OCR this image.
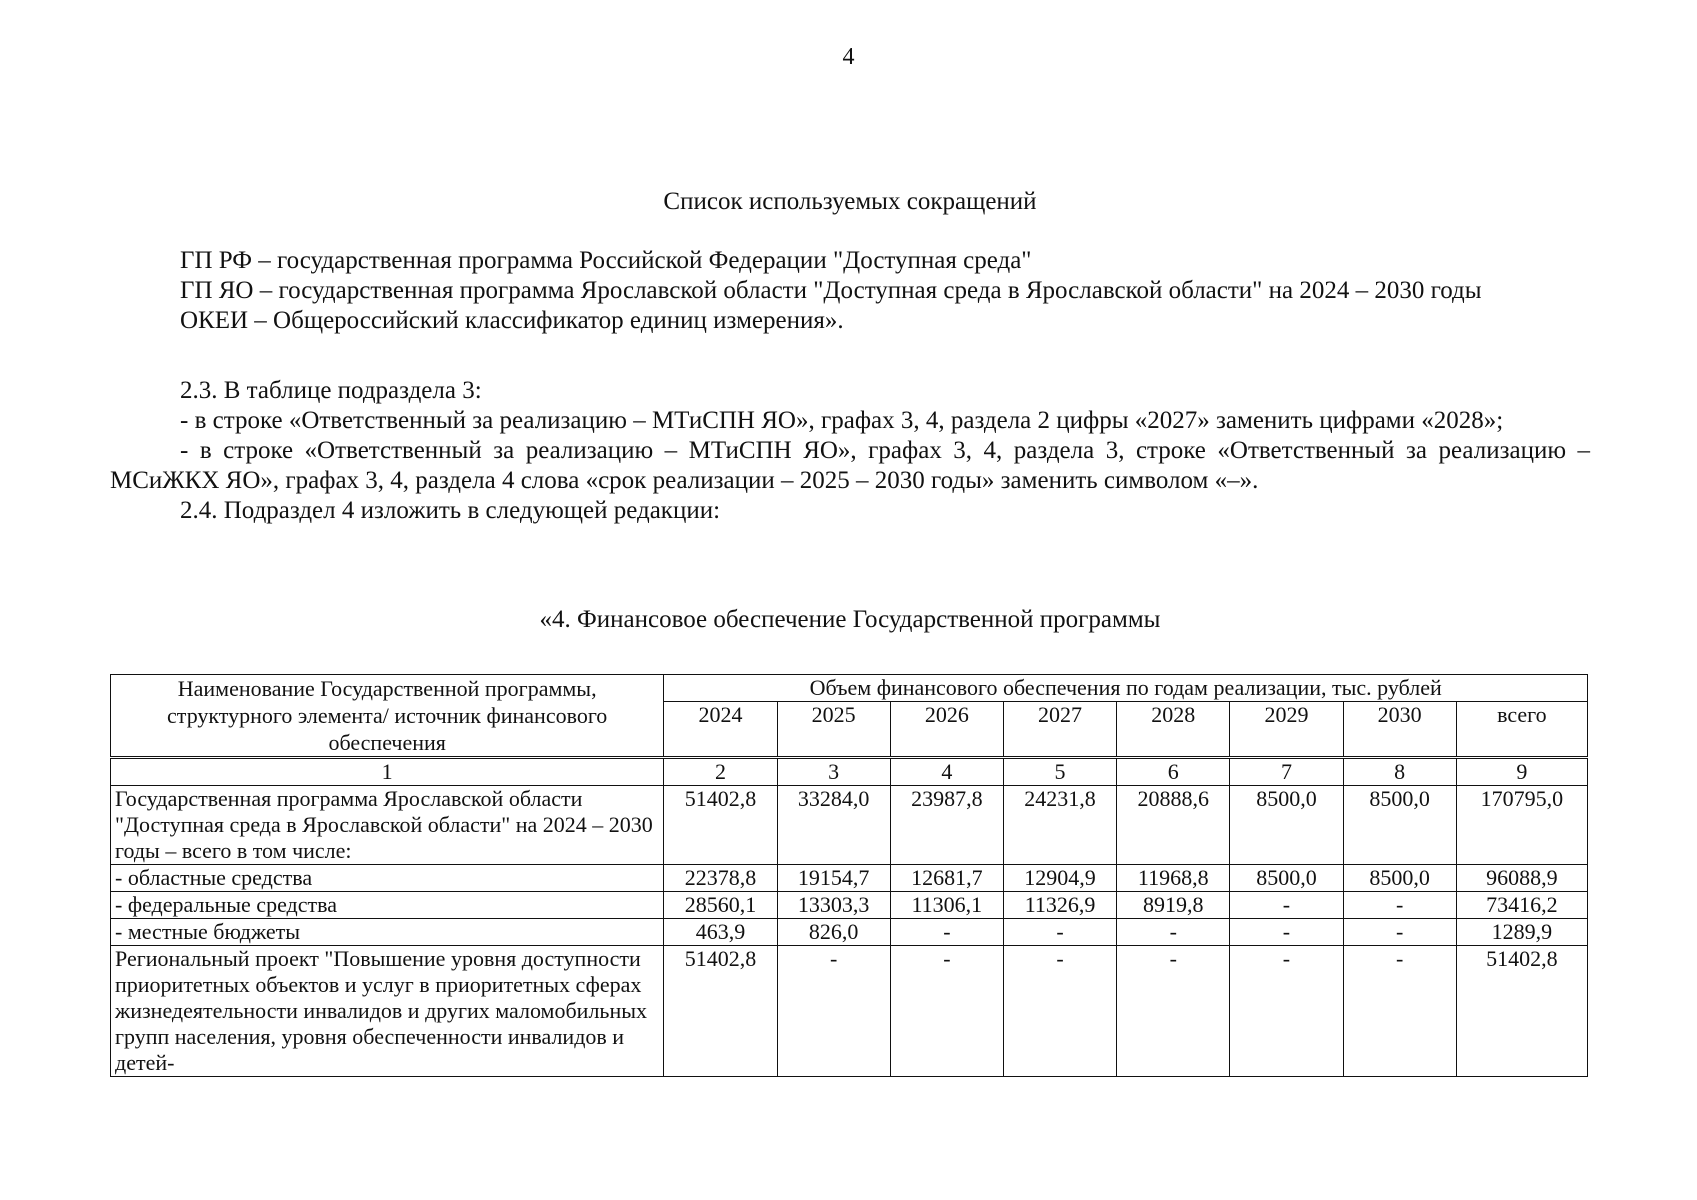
4
Список используемых сокращений

ГП РФ – государственная программа Российской Федерации "Доступная среда"

ГП ЯО – государственная программа Ярославской области "Доступная среда в Ярославской области" на 2024 – 2030 годы

ОКЕИ – Общероссийский классификатор единиц измерения».

2.3. В таблице подраздела 3:

- в строке «Ответственный за реализацию – МТиСПН ЯО», графах 3, 4, раздела 2 цифры «2027» заменить цифрами «2028»;

- в строке «Ответственный за реализацию – МТиСПН ЯО», графах 3, 4, раздела 3, строке «Ответственный за реализацию – МСиЖКХ ЯО», графах 3, 4, раздела 4 слова «срок реализации – 2025 – 2030 годы» заменить символом «–».

2.4. Подраздел 4 изложить в следующей редакции:

«4. Финансовое обеспечение Государственной программы
Наименование Государственной программы, структурного элемента/ источник финансового обеспечения	Объем финансового обеспечения по годам реализации, тыс. рублей							
	2024	2025	2026	2027	2028	2029	2030	всего
1	2	3	4	5	6	7	8	9
Государственная программа Ярославской области "Доступная среда в Ярославской области" на 2024 – 2030 годы – всего в том числе:	51402,8	33284,0	23987,8	24231,8	20888,6	8500,0	8500,0	170795,0
- областные средства	22378,8	19154,7	12681,7	12904,9	11968,8	8500,0	8500,0	96088,9
- федеральные средства	28560,1	13303,3	11306,1	11326,9	8919,8	-	-	73416,2
- местные бюджеты	463,9	826,0	-	-	-	-	-	1289,9
Региональный проект "Повышение уровня доступности приоритетных объектов и услуг в приоритетных сферах жизнедеятельности инвалидов и других маломобильных групп населения, уровня обеспеченности инвалидов и детей-	51402,8	-	-	-	-	-	-	51402,8
